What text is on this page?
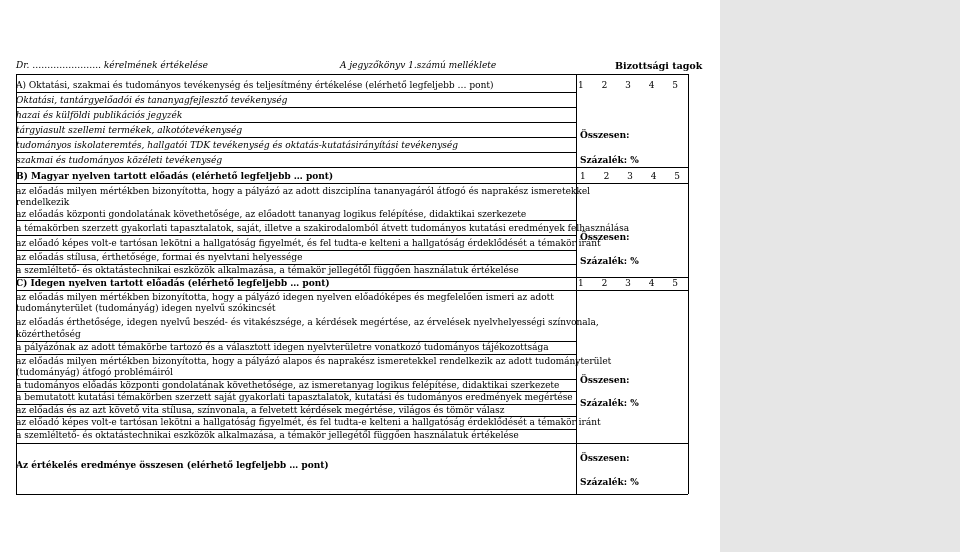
Dr. ………………….. kérelmének értékelése	A jegyzőkönyv 1.számú melléklete	Bizottsági tagok
A) Oktatási, szakmai és tudományos tevékenység és teljesítmény értékelése (elérhető legfeljebb … pont)	1 2 3 4 5
Oktatási, tantárgyelőadói és tananyagfejlesztő tevékenység
hazai és külföldi publikációs jegyzék
tárgyiasult szellemi termékek, alkotótevékenység
tudományos iskolateremtés, hallgatói TDK tevékenység és oktatás-kutatásirányítási tevékenység
szakmai és tudományos közéleti tevékenység
Összesen:
Százalék: %
B) Magyar nyelven tartott előadás (elérhető legfeljebb … pont)	1 2 3 4 5
az előadás milyen mértékben bizonyította, hogy a pályázó az adott diszciplína tananyagáról átfogó és naprakész ismeretekkel
rendelkezik
az előadás központi gondolatának követhetősége, az előadott tananyag logikus felépítése, didaktikai szerkezete
a témakörben szerzett gyakorlati tapasztalatok, saját, illetve a szakirodalomból átvett tudományos kutatási eredmények felhasználása
az előadó képes volt-e tartósan lekötni a hallgatóság figyelmét, és fel tudta-e kelteni a hallgatóság érdeklődését a témakör iránt
az előadás stílusa, érthetősége, formai és nyelvtani helyessége
a szemléltető- és oktatástechnikai eszközök alkalmazása, a témakör jellegétől függően használatuk értékelése
Összesen:
Százalék: %
C) Idegen nyelven tartott előadás (elérhető legfeljebb … pont)	1 2 3 4 5
az előadás milyen mértékben bizonyította, hogy a pályázó idegen nyelven előadóképes és megfelelően ismeri az adott
tudományterület (tudományág) idegen nyelvű szókincsét
az előadás érthetősége, idegen nyelvű beszéd- és vitakészsége, a kérdések megértése, az érvelések nyelvhelyességi színvonala,
közérthetőség
a pályázónak az adott témakörbe tartozó és a választott idegen nyelvterületre vonatkozó tudományos tájékozottsága
az előadás milyen mértékben bizonyította, hogy a pályázó alapos és naprakész ismeretekkel rendelkezik az adott tudományterület
(tudományág) átfogó problémáiról
a tudományos előadás központi gondolatának követhetősége, az ismeretanyag logikus felépítése, didaktikai szerkezete
a bemutatott kutatási témakörben szerzett saját gyakorlati tapasztalatok, kutatási és tudományos eredmények megértése
az előadás és az azt követő vita stílusa, színvonala, a felvetett kérdések megértése, világos és tömör válasz
az előadó képes volt-e tartósan lekötni a hallgatóság figyelmét, és fel tudta-e kelteni a hallgatóság érdeklődését a témakör iránt
a szemléltető- és oktatástechnikai eszközök alkalmazása, a témakör jellegétől függően használatuk értékelése
Összesen:
Százalék: %
Az értékelés eredménye összesen (elérhető legfeljebb … pont)
Összesen:
Százalék: %
